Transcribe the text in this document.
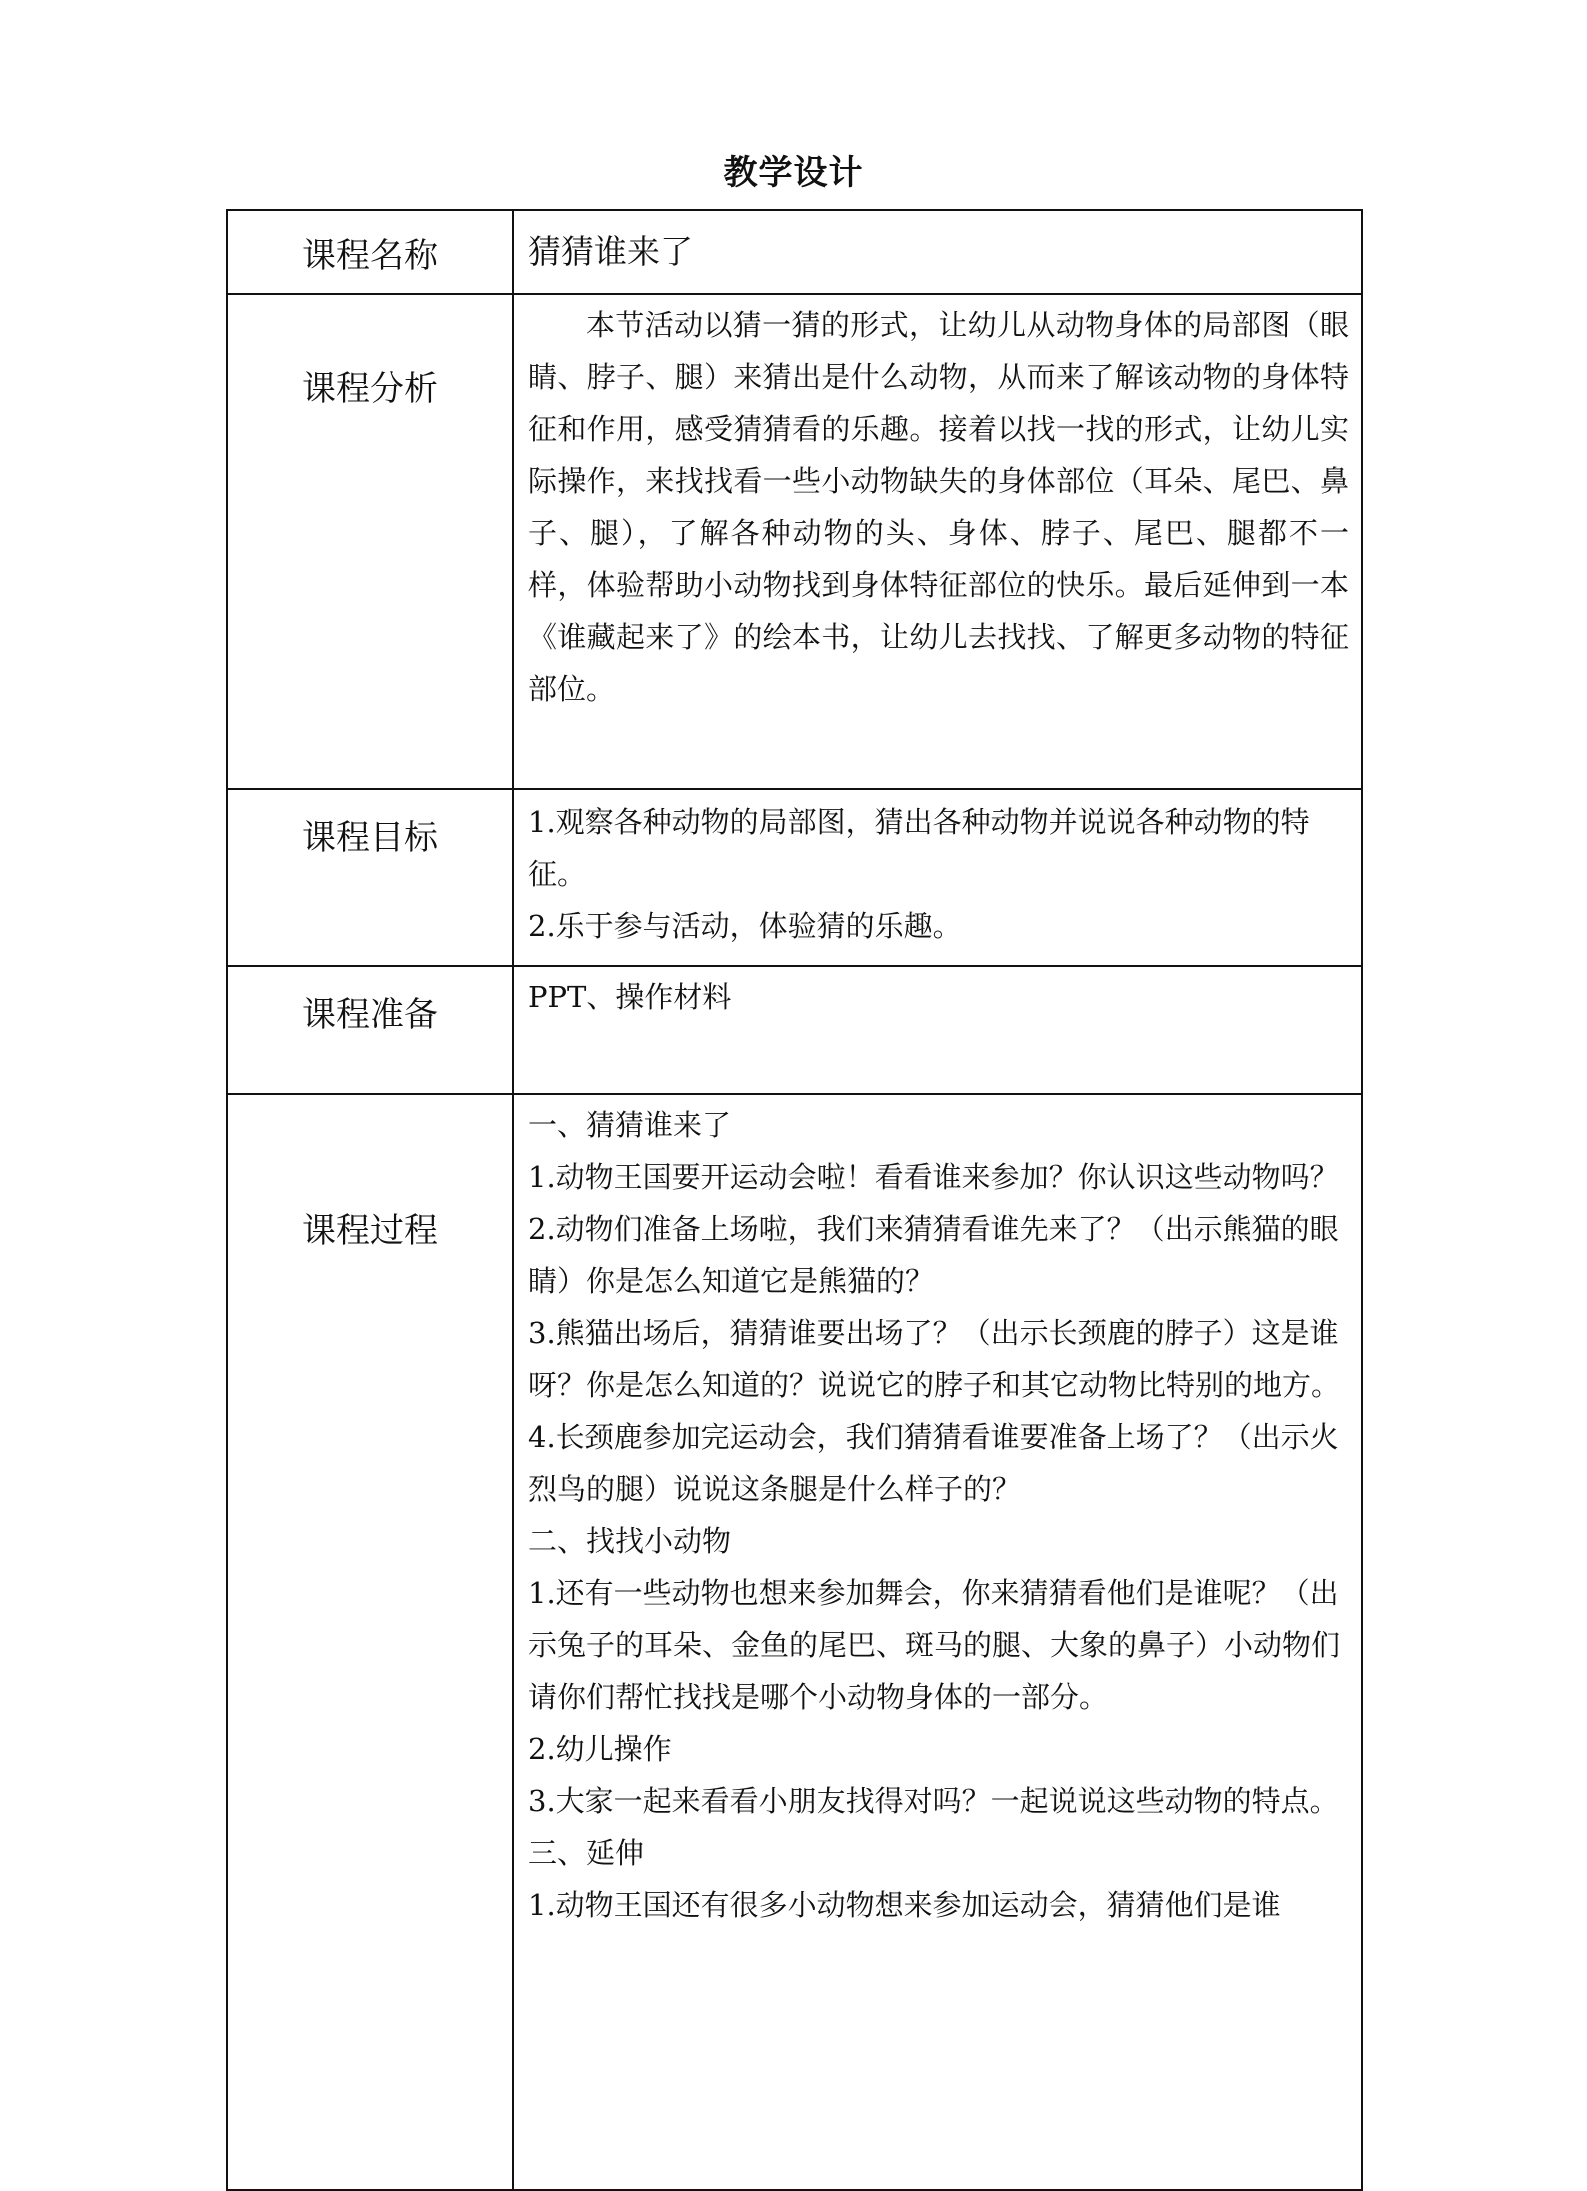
教学设计
课程名称	猜猜谁来了
课程分析	本节活动以猜一猜的形式，让幼儿从动物身体的局部图（眼睛、脖子、腿）来猜出是什么动物，从而来了解该动物的身体特征和作用，感受猜猜看的乐趣。接着以找一找的形式，让幼儿实际操作，来找找看一些小动物缺失的身体部位（耳朵、尾巴、鼻子、腿），了解各种动物的头、身体、脖子、尾巴、腿都不一样，体验帮助小动物找到身体特征部位的快乐。最后延伸到一本《谁藏起来了》的绘本书，让幼儿去找找、了解更多动物的特征部位。

课程目标	1.观察各种动物的局部图，猜出各种动物并说说各种动物的特征。

2.乐于参与活动，体验猜的乐趣。

课程准备	PPT、操作材料

课程过程	

一、猜猜谁来了

1.动物王国要开运动会啦！看看谁来参加？你认识这些动物吗？

2.动物们准备上场啦，我们来猜猜看谁先来了？（出示熊猫的眼睛）你是怎么知道它是熊猫的？

3.熊猫出场后，猜猜谁要出场了？（出示长颈鹿的脖子）这是谁呀？你是怎么知道的？说说它的脖子和其它动物比特别的地方。

4.长颈鹿参加完运动会，我们猜猜看谁要准备上场了？（出示火烈鸟的腿）说说这条腿是什么样子的？

二、找找小动物

1.还有一些动物也想来参加舞会，你来猜猜看他们是谁呢？（出示兔子的耳朵、金鱼的尾巴、斑马的腿、大象的鼻子）小动物们请你们帮忙找找是哪个小动物身体的一部分。

2.幼儿操作

3.大家一起来看看小朋友找得对吗？一起说说这些动物的特点。

三、延伸

1.动物王国还有很多小动物想来参加运动会，猜猜他们是谁
